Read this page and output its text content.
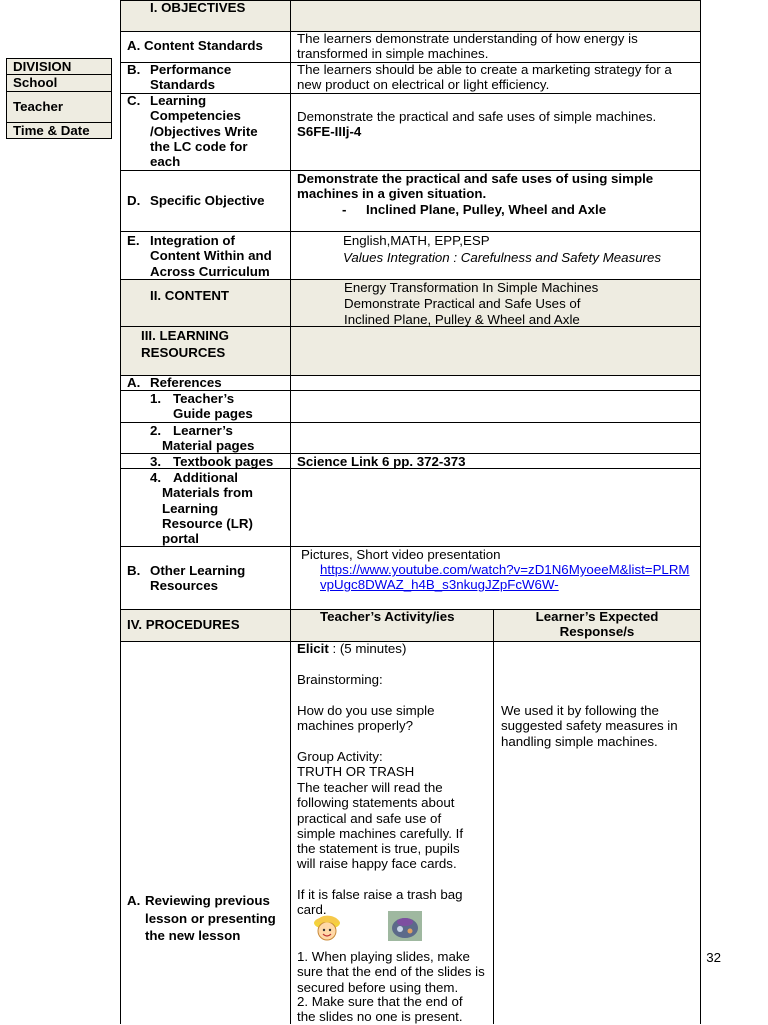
DIVISION
School
Teacher
Time & Date
I. OBJECTIVES
A. Content Standards	The learners demonstrate understanding of how energy is transformed in simple machines.
B. Performance Standards
The learners should be able to create a marketing strategy for a new product on electrical or light efficiency.
C. Learning Competencies /Objectives Write the LC code for each
Demonstrate the practical and safe uses of simple machines.
S6FE-IIIj-4
D. Specific Objective
Demonstrate the practical and safe uses of using simple machines in a given situation.
- Inclined Plane, Pulley, Wheel and Axle
E. Integration of Content Within and Across Curriculum
English,MATH, EPP,ESP
Values Integration : Carefulness and Safety Measures
II. CONTENT
Energy Transformation In Simple Machines
Demonstrate Practical and Safe Uses of
Inclined Plane, Pulley & Wheel and Axle
III. LEARNING RESOURCES
A. References
1. Teacher’s Guide pages
2. Learner’s Material pages
3. Textbook pages Science Link 6 pp. 372-373
4. Additional Materials from Learning Resource (LR) portal
B. Other Learning Resources
Pictures, Short video presentation
https://www.youtube.com/watch?v=zD1N6MyoeeM&list=PLRMvpUgc8DWAZ_h4B_s3nkugJZpFcW6W-
IV. PROCEDURES
Teacher’s Activity/ies	Learner’s Expected Response/s
A. Reviewing previous lesson or presenting the new lesson
Elicit : (5 minutes)
Brainstorming:
How do you use simple machines properly?
Group Activity:
TRUTH OR TRASH
The teacher will read the following statements about practical and safe use of simple machines carefully. If the statement is true, pupils will raise happy face cards.
If it is false raise a trash bag card.
1. When playing slides, make sure that the end of the slides is secured before using them.
2. Make sure that the end of the slides no one is present.
We used it by following the suggested safety measures in handling simple machines.
32
